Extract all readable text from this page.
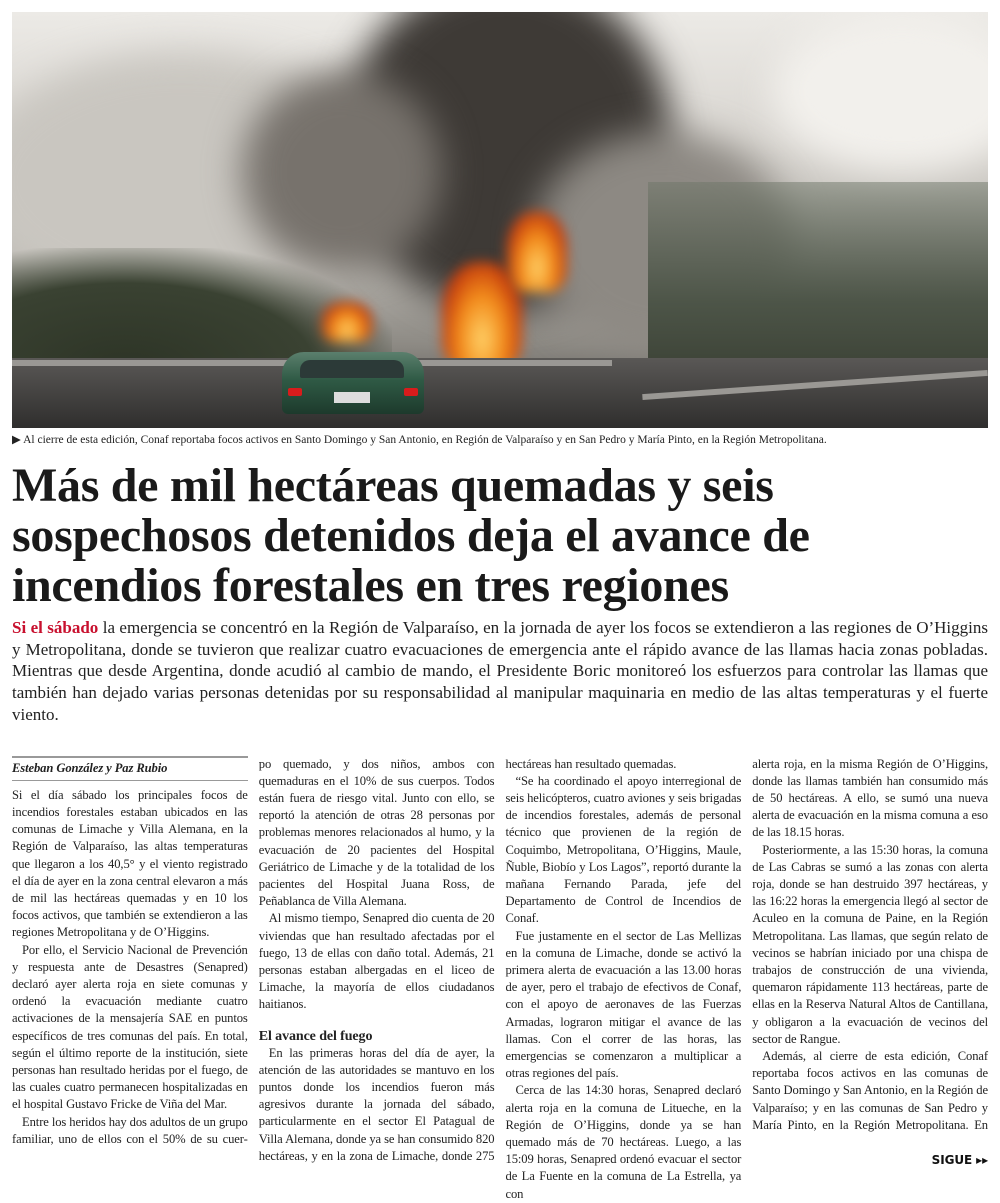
▶ Al cierre de esta edición, Conaf reportaba focos activos en Santo Domingo y San Antonio, en Región de Valparaíso y en San Pedro y María Pinto, en la Región Metropolitana.
Más de mil hectáreas quemadas y seis sospechosos detenidos deja el avance de incendios forestales en tres regiones

Si el sábado la emergencia se concentró en la Región de Valparaíso, en la jornada de ayer los focos se extendieron a las regiones de O’Higgins y Metropolitana, donde se tuvieron que realizar cuatro evacuaciones de emergencia ante el rápido avance de las llamas hacia zonas pobladas. Mientras que desde Argentina, donde acudió al cambio de mando, el Presidente Boric monitoreó los esfuerzos para controlar las llamas que también han dejado varias personas detenidas por su responsabilidad al manipular maquinaria en medio de las altas temperaturas y el fuerte viento.

Esteban González y Paz Rubio

Si el día sábado los principales focos de incendios forestales estaban ubicados en las comunas de Limache y Villa Alemana, en la Región de Valparaíso, las altas temperaturas que llegaron a los 40,5° y el viento registrado el día de ayer en la zona central elevaron a más de mil las hectáreas quemadas y en 10 los focos activos, que también se extendieron a las regiones Metropolitana y de O’Higgins.

Por ello, el Servicio Nacional de Prevención y respuesta ante de Desastres (Senapred) declaró ayer alerta roja en siete comunas y ordenó la evacuación mediante cuatro activaciones de la mensajería SAE en puntos específicos de tres comunas del país. En total, según el último reporte de la institución, siete personas han resultado heridas por el fuego, de las cuales cuatro permanecen hospitalizadas en el hospital Gustavo Fricke de Viña del Mar.

Entre los heridos hay dos adultos de un grupo familiar, uno de ellos con el 50% de su cuer-

po quemado, y dos niños, ambos con quemaduras en el 10% de sus cuerpos. Todos están fuera de riesgo vital. Junto con ello, se reportó la atención de otras 28 personas por problemas menores relacionados al humo, y la evacuación de 20 pacientes del Hospital Geriátrico de Limache y de la totalidad de los pacientes del Hospital Juana Ross, de Peñablanca de Villa Alemana.

Al mismo tiempo, Senapred dio cuenta de 20 viviendas que han resultado afectadas por el fuego, 13 de ellas con daño total. Además, 21 personas estaban albergadas en el liceo de Limache, la mayoría de ellos ciudadanos haitianos.

El avance del fuego

En las primeras horas del día de ayer, la atención de las autoridades se mantuvo en los puntos donde los incendios fueron más agresivos durante la jornada del sábado, particularmente en el sector El Patagual de Villa Alemana, donde ya se han consumido 820 hectáreas, y en la zona de Limache, donde 275

hectáreas han resultado quemadas.

“Se ha coordinado el apoyo interregional de seis helicópteros, cuatro aviones y seis brigadas de incendios forestales, además de personal técnico que provienen de la región de Coquimbo, Metropolitana, O’Higgins, Maule, Ñuble, Biobío y Los Lagos”, reportó durante la mañana Fernando Parada, jefe del Departamento de Control de Incendios de Conaf.

Fue justamente en el sector de Las Mellizas en la comuna de Limache, donde se activó la primera alerta de evacuación a las 13.00 horas de ayer, pero el trabajo de efectivos de Conaf, con el apoyo de aeronaves de las Fuerzas Armadas, lograron mitigar el avance de las llamas. Con el correr de las horas, las emergencias se comenzaron a multiplicar a otras regiones del país.

Cerca de las 14:30 horas, Senapred declaró alerta roja en la comuna de Litueche, en la Región de O’Higgins, donde ya se han quemado más de 70 hectáreas. Luego, a las 15:09 horas, Senapred ordenó evacuar el sector de La Fuente en la comuna de La Estrella, ya con

alerta roja, en la misma Región de O’Higgins, donde las llamas también han consumido más de 50 hectáreas. A ello, se sumó una nueva alerta de evacuación en la misma comuna a eso de las 18.15 horas.

Posteriormente, a las 15:30 horas, la comuna de Las Cabras se sumó a las zonas con alerta roja, donde se han destruido 397 hectáreas, y las 16:22 horas la emergencia llegó al sector de Aculeo en la comuna de Paine, en la Región Metropolitana. Las llamas, que según relato de vecinos se habrían iniciado por una chispa de trabajos de construcción de una vivienda, quemaron rápidamente 113 hectáreas, parte de ellas en la Reserva Natural Altos de Cantillana, y obligaron a la evacuación de vecinos del sector de Rangue.

Además, al cierre de esta edición, Conaf reportaba focos activos en las comunas de Santo Domingo y San Antonio, en la Región de Valparaíso; y en las comunas de San Pedro y María Pinto, en la Región Metropolitana. En

SIGUE ▸▸
